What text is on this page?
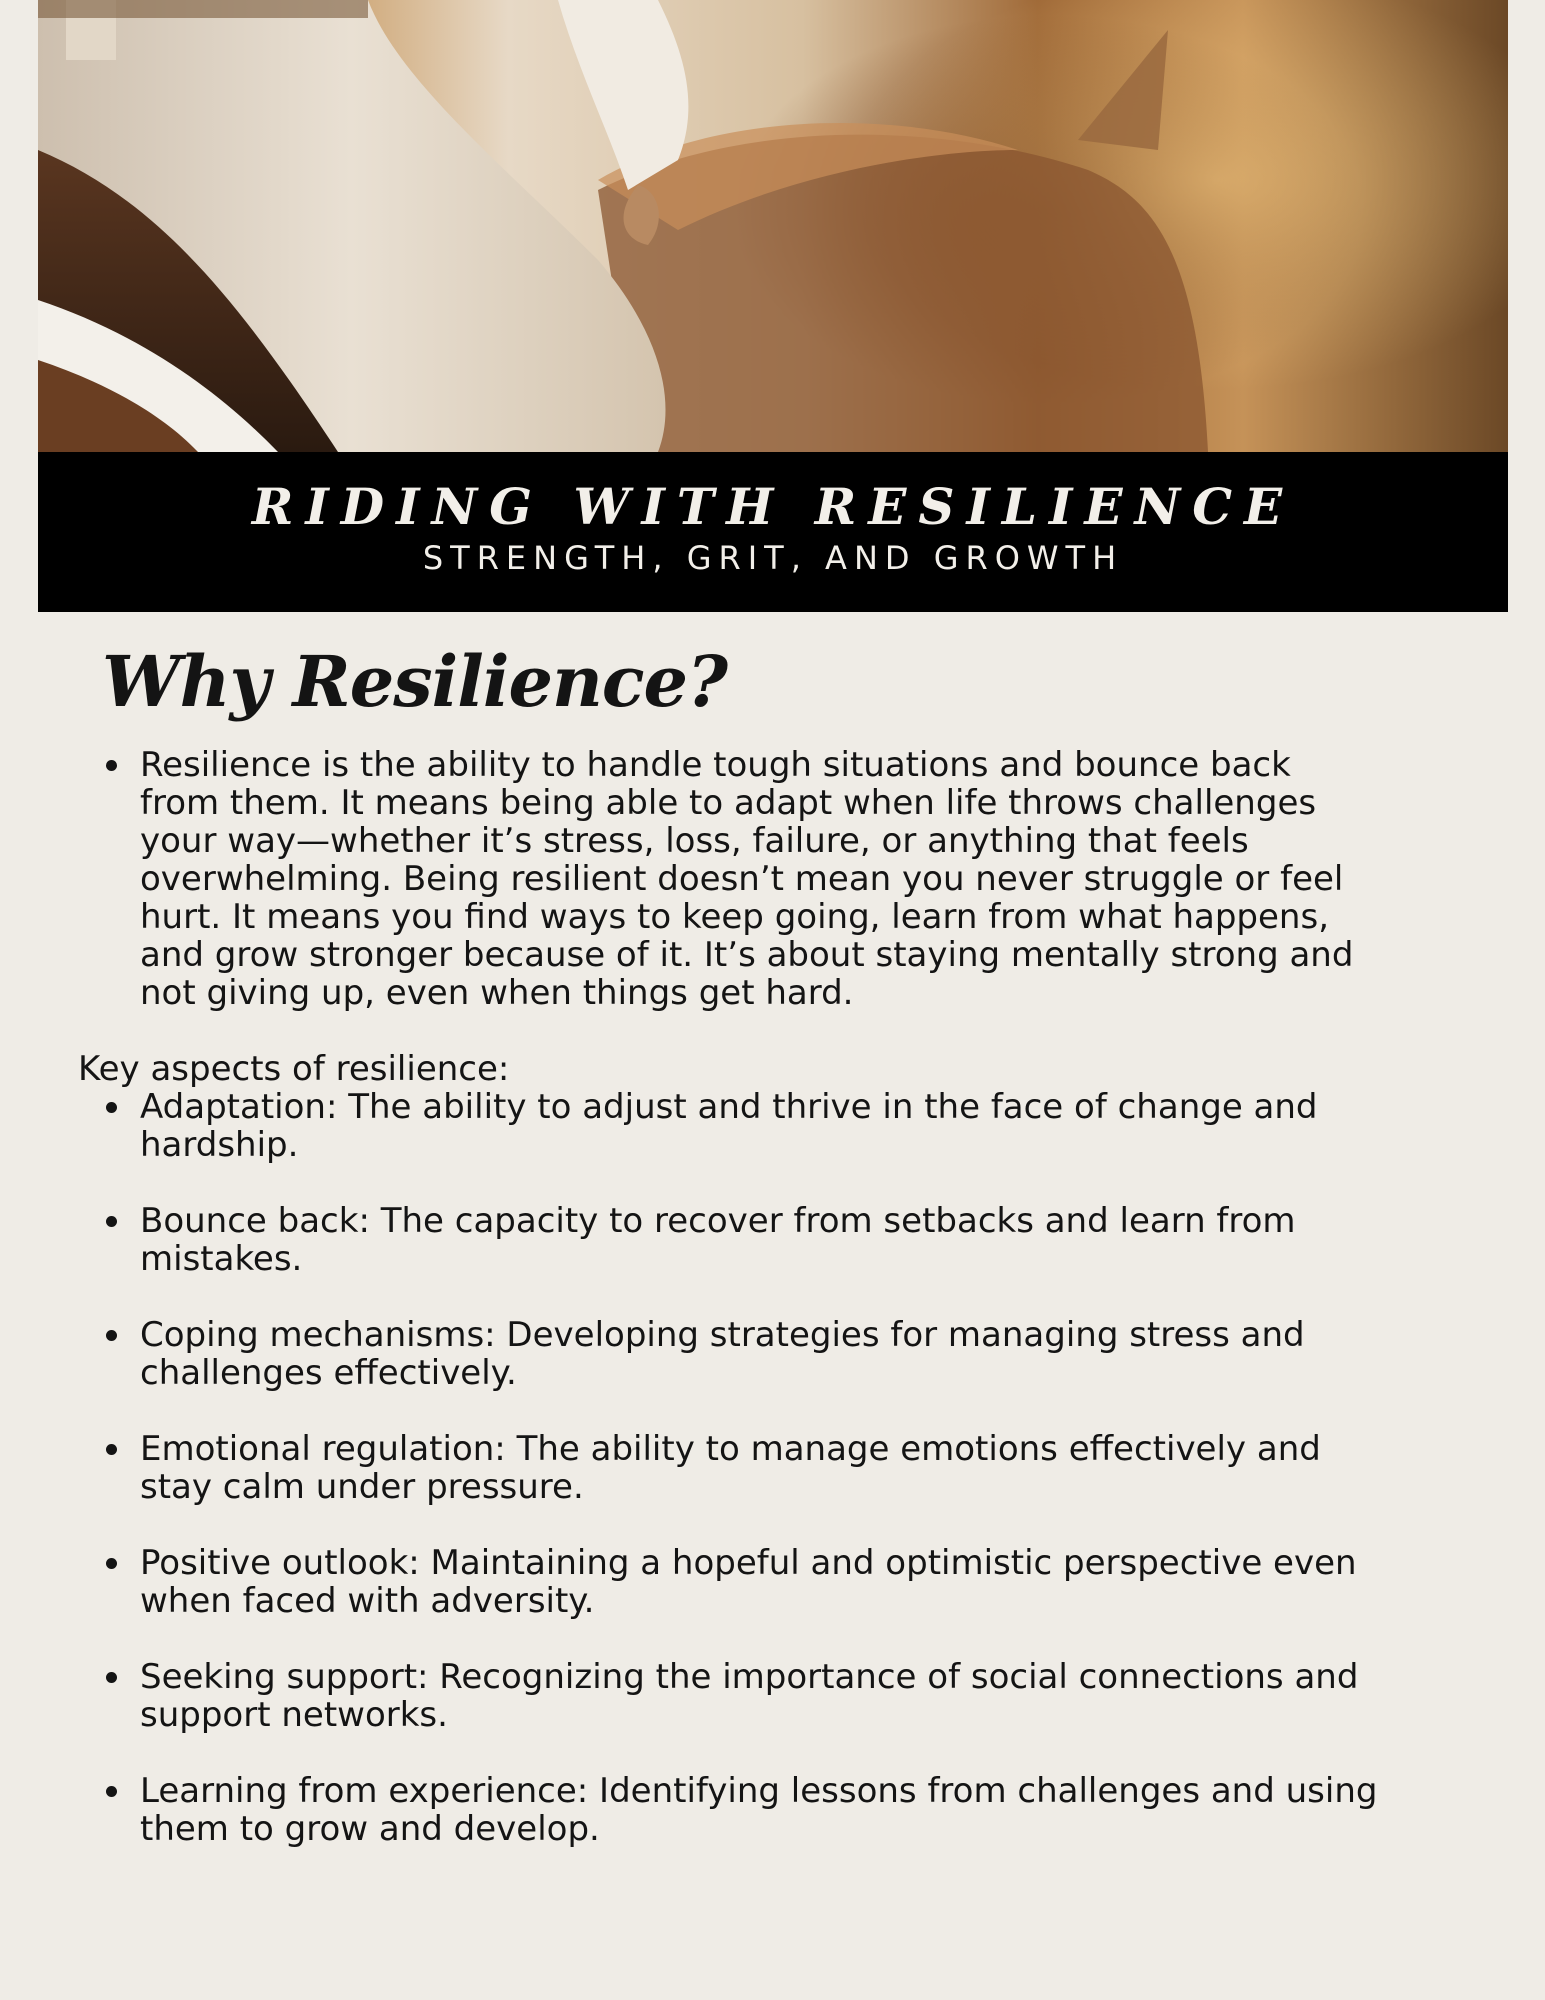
RIDING WITH RESILIENCE

STRENGTH, GRIT, AND GROWTH

Why Resilience?
Resilience is the ability to handle tough situations and bounce back from them. It means being able to adapt when life throws challenges your way—whether it’s stress, loss, failure, or anything that feels overwhelming. Being resilient doesn’t mean you never struggle or feel hurt. It means you find ways to keep going, learn from what happens, and grow stronger because of it. It’s about staying mentally strong and not giving up, even when things get hard.

Key aspects of resilience:

Adaptation: The ability to adjust and thrive in the face of change and hardship.
Bounce back: The capacity to recover from setbacks and learn from mistakes.
Coping mechanisms: Developing strategies for managing stress and challenges effectively.
Emotional regulation: The ability to manage emotions effectively and stay calm under pressure.
Positive outlook: Maintaining a hopeful and optimistic perspective even when faced with adversity.
Seeking support: Recognizing the importance of social connections and support networks.
Learning from experience: Identifying lessons from challenges and using them to grow and develop.
